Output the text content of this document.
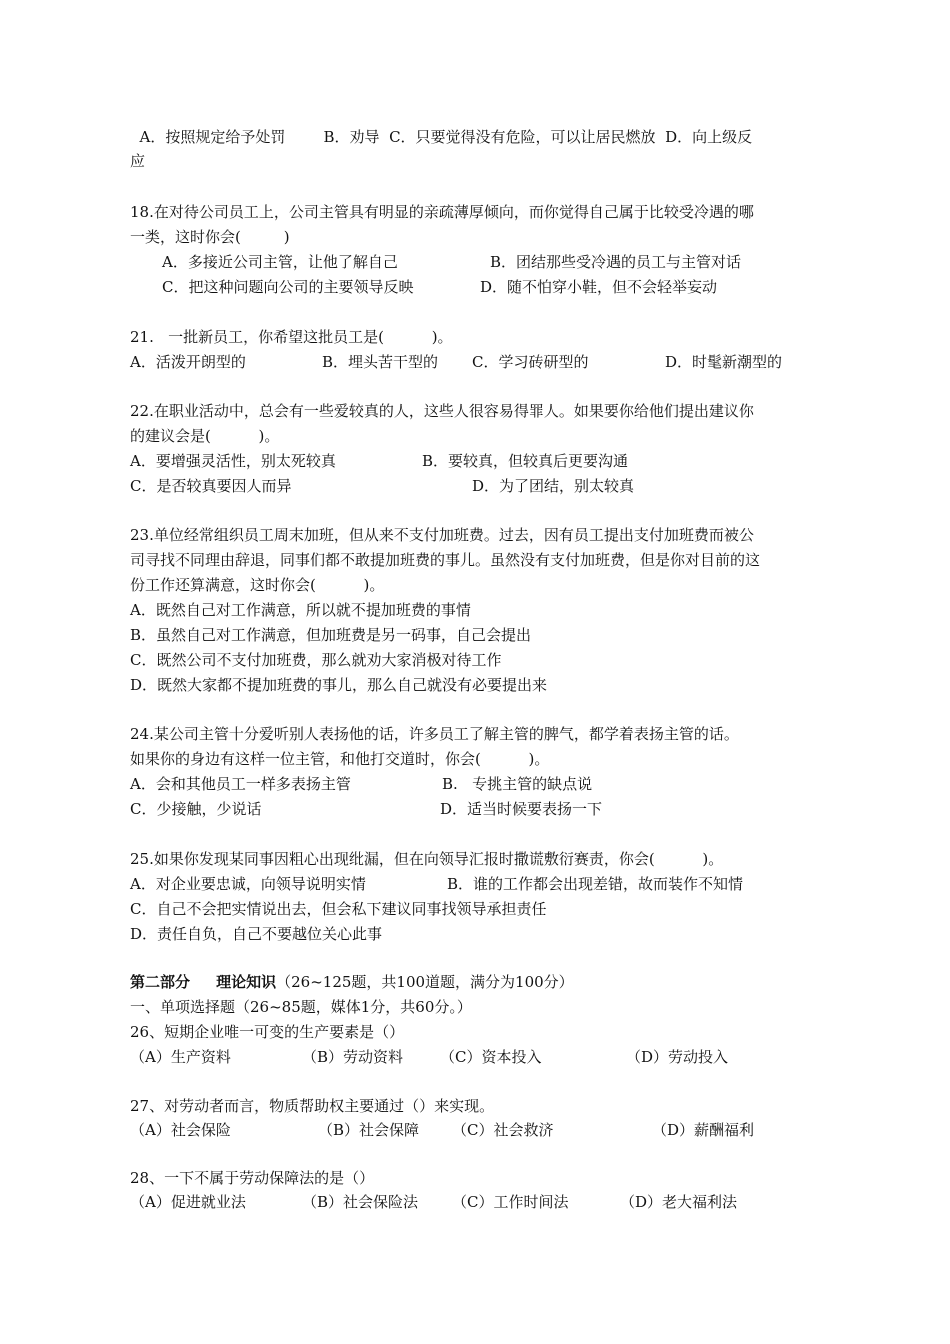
A．按照规定给予处罚        B．劝导  C．只要觉得没有危险，可以让居民燃放  D．向上级反
应
18.在对待公司员工上，公司主管具有明显的亲疏薄厚倾向，而你觉得自己属于比较受冷遇的哪
一类，这时你会(         )
A．多接近公司主管，让他了解自己	B．团结那些受冷遇的员工与主管对话
C．把这种问题向公司的主要领导反映	D．随不怕穿小鞋，但不会轻举妄动
21.   一批新员工，你希望这批员工是(          )。
A．活泼开朗型的	B．埋头苦干型的 C．学习砖研型的	D．时髦新潮型的
22.在职业活动中，总会有一些爱较真的人，这些人很容易得罪人。如果要你给他们提出建议你
的建议会是(          )。
A．要增强灵活性，别太死较真	B．要较真，但较真后更要沟通
C．是否较真要因人而异	D．为了团结，别太较真
23.单位经常组织员工周末加班，但从来不支付加班费。过去，因有员工提出支付加班费而被公
司寻找不同理由辞退，同事们都不敢提加班费的事儿。虽然没有支付加班费，但是你对目前的这
份工作还算满意，这时你会(          )。
A．既然自己对工作满意，所以就不提加班费的事情
B．虽然自己对工作满意，但加班费是另一码事，自己会提出
C．既然公司不支付加班费，那么就劝大家消极对待工作
D．既然大家都不提加班费的事儿，那么自己就没有必要提出来
24.某公司主管十分爱听别人表扬他的话，许多员工了解主管的脾气，都学着表扬主管的话。
如果你的身边有这样一位主管，和他打交道时，你会(          )。
A．会和其他员工一样多表扬主管	B.   专挑主管的缺点说
C．少接触，少说话	D．适当时候要表扬一下
25.如果你发现某同事因粗心出现纰漏，但在向领导汇报时撒谎敷衍赛责，你会(          )。
A．对企业要忠诚，向领导说明实情	B．谁的工作都会出现差错，故而装作不知情
C．自己不会把实情说出去，但会私下建议同事找领导承担责任
D．责任自负，自己不要越位关心此事
第二部分     理论知识（26~125题，共100道题，满分为100分）
一、单项选择题（26~85题，媒体1分，共60分。）
26、短期企业唯一可变的生产要素是（）
（A）生产资料	（B）劳动资料 （C）资本投入	（D）劳动投入
27、对劳动者而言，物质帮助权主要通过（）来实现。
（A）社会保险	（B）社会保障 （C）社会救济	（D）薪酬福利
28、一下不属于劳动保障法的是（）
（A）促进就业法	（B）社会保险法 （C）工作时间法	（D）老大福利法
